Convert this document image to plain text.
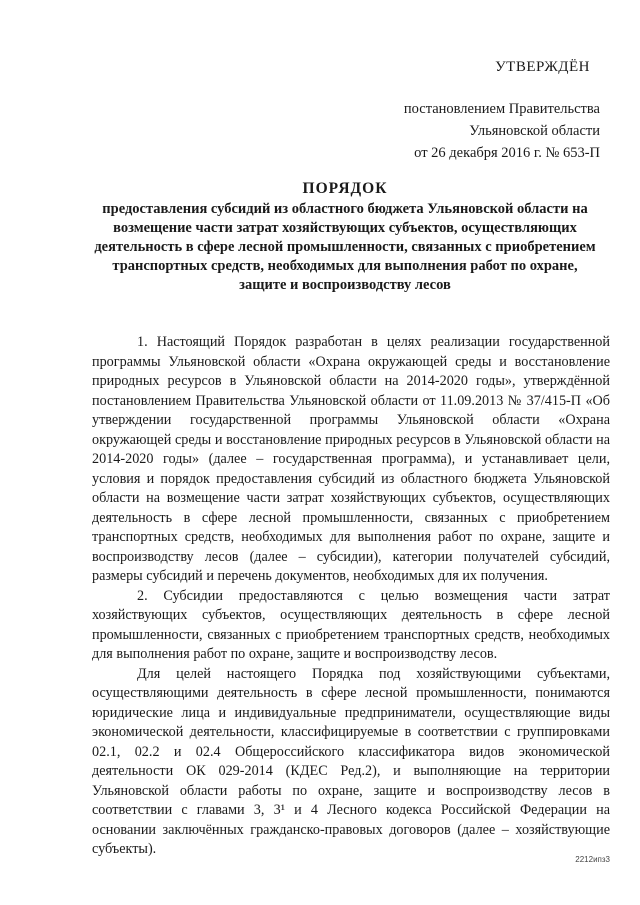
УТВЕРЖДЁН
постановлением Правительства Ульяновской области
от 26 декабря 2016 г. № 653-П
ПОРЯДОК
предоставления субсидий из областного бюджета Ульяновской области на возмещение части затрат хозяйствующих субъектов, осуществляющих деятельность в сфере лесной промышленности, связанных с приобретением транспортных средств, необходимых для выполнения работ по охране, защите и воспроизводству лесов

1. Настоящий Порядок разработан в целях реализации государственной программы Ульяновской области «Охрана окружающей среды и восстановление природных ресурсов в Ульяновской области на 2014-2020 годы», утверждённой постановлением Правительства Ульяновской области от 11.09.2013 № 37/415-П «Об утверждении государственной программы Ульяновской области «Охрана окружающей среды и восстановление природных ресурсов в Ульяновской области на 2014-2020 годы» (далее – государственная программа), и устанавливает цели, условия и порядок предоставления субсидий из областного бюджета Ульяновской области на возмещение части затрат хозяйствующих субъектов, осуществляющих деятельность в сфере лесной промышленности, связанных с приобретением транспортных средств, необходимых для выполнения работ по охране, защите и воспроизводству лесов (далее – субсидии), категории получателей субсидий, размеры субсидий и перечень документов, необходимых для их получения.

2. Субсидии предоставляются с целью возмещения части затрат хозяйствующих субъектов, осуществляющих деятельность в сфере лесной промышленности, связанных с приобретением транспортных средств, необходимых для выполнения работ по охране, защите и воспроизводству лесов.

Для целей настоящего Порядка под хозяйствующими субъектами, осуществляющими деятельность в сфере лесной промышленности, понимаются юридические лица и индивидуальные предприниматели, осуществляющие виды экономической деятельности, классифицируемые в соответствии с группировками 02.1, 02.2 и 02.4 Общероссийского классификатора видов экономической деятельности ОК 029-2014 (КДЕС Ред.2), и выполняющие на территории Ульяновской области работы по охране, защите и воспроизводству лесов в соответствии с главами 3, 3¹ и 4 Лесного кодекса Российской Федерации на основании заключённых гражданско-правовых договоров (далее – хозяйствующие субъекты).

2212ипз3
